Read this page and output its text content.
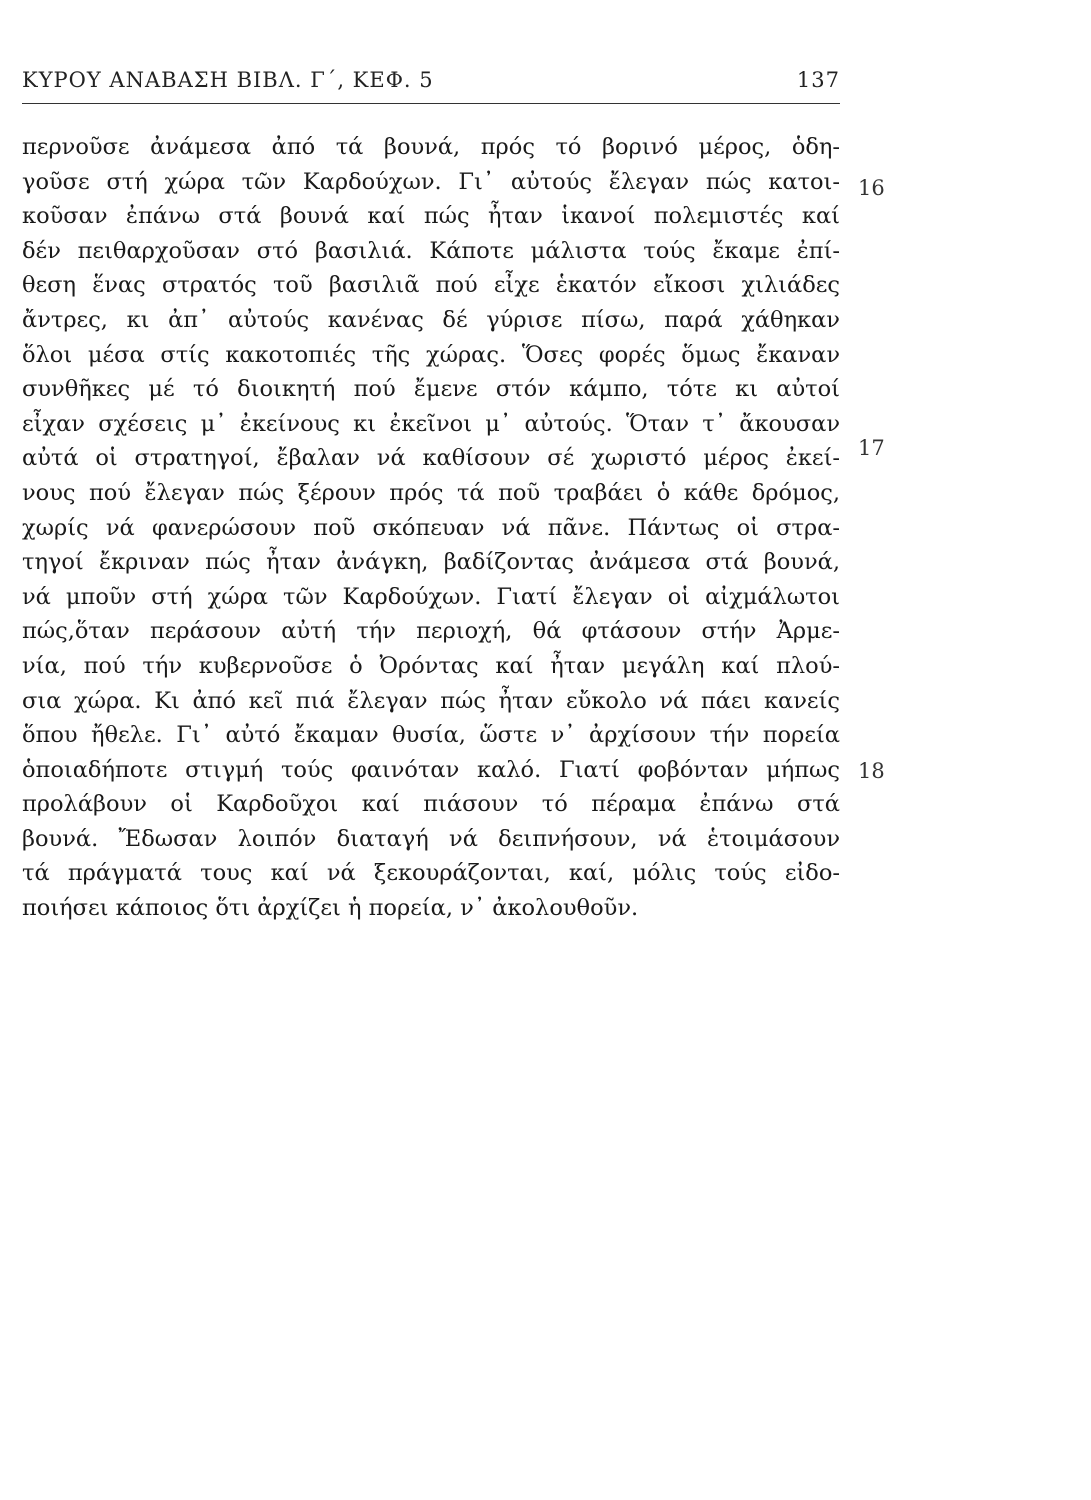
ΚΥΡΟΥ ΑΝΑΒΑΣΗ ΒΙΒΛ. Γ΄, ΚΕΦ. 5	137
περνοῦσε ἀνάμεσα ἀπό τά βουνά, πρός τό βορινό μέρος, ὁδη-
γοῦσε στή χώρα τῶν Καρδούχων. Γι᾽ αὐτούς ἔλεγαν πώς κατοι-
κοῦσαν ἐπάνω στά βουνά καί πώς ἦταν ἱκανοί πολεμιστές καί
δέν πειθαρχοῦσαν στό βασιλιά. Κάποτε μάλιστα τούς ἔκαμε ἐπί-
θεση ἕνας στρατός τοῦ βασιλιᾶ πού εἶχε ἑκατόν εἴκοσι χιλιάδες
ἄντρες, κι ἀπ᾽ αὐτούς κανένας δέ γύρισε πίσω, παρά χάθηκαν
ὅλοι μέσα στίς κακοτοπιές τῆς χώρας. Ὅσες φορές ὅμως ἔκαναν
συνθῆκες μέ τό διοικητή πού ἔμενε στόν κάμπο, τότε κι αὐτοί
εἶχαν σχέσεις μ᾽ ἐκείνους κι ἐκεῖνοι μ᾽ αὐτούς. Ὅταν τ᾽ ἄκουσαν
αὐτά οἱ στρατηγοί, ἔβαλαν νά καθίσουν σέ χωριστό μέρος ἐκεί-
νους πού ἔλεγαν πώς ξέρουν πρός τά ποῦ τραβάει ὁ κάθε δρόμος,
χωρίς νά φανερώσουν ποῦ σκόπευαν νά πᾶνε. Πάντως οἱ στρα-
τηγοί ἔκριναν πώς ἦταν ἀνάγκη, βαδίζοντας ἀνάμεσα στά βουνά,
νά μποῦν στή χώρα τῶν Καρδούχων. Γιατί ἔλεγαν οἱ αἰχμάλωτοι
πώς,ὅταν περάσουν αὐτή τήν περιοχή, θά φτάσουν στήν Ἀρμε-
νία, πού τήν κυβερνοῦσε ὁ Ὀρόντας καί ἦταν μεγάλη καί πλού-
σια χώρα. Κι ἀπό κεῖ πιά ἔλεγαν πώς ἦταν εὔκολο νά πάει κανείς
ὅπου ἤθελε. Γι᾽ αὐτό ἔκαμαν θυσία, ὥστε ν᾽ ἀρχίσουν τήν πορεία
ὁποιαδήποτε στιγμή τούς φαινόταν καλό. Γιατί φοβόνταν μήπως
προλάβουν οἱ Καρδοῦχοι καί πιάσουν τό πέραμα ἐπάνω στά
βουνά. Ἔδωσαν λοιπόν διαταγή νά δειπνήσουν, νά ἑτοιμάσουν
τά πράγματά τους καί νά ξεκουράζονται, καί, μόλις τούς εἰδο-
ποιήσει κάποιος ὅτι ἀρχίζει ἡ πορεία, ν᾽ ἀκολουθοῦν.
16
17
18
